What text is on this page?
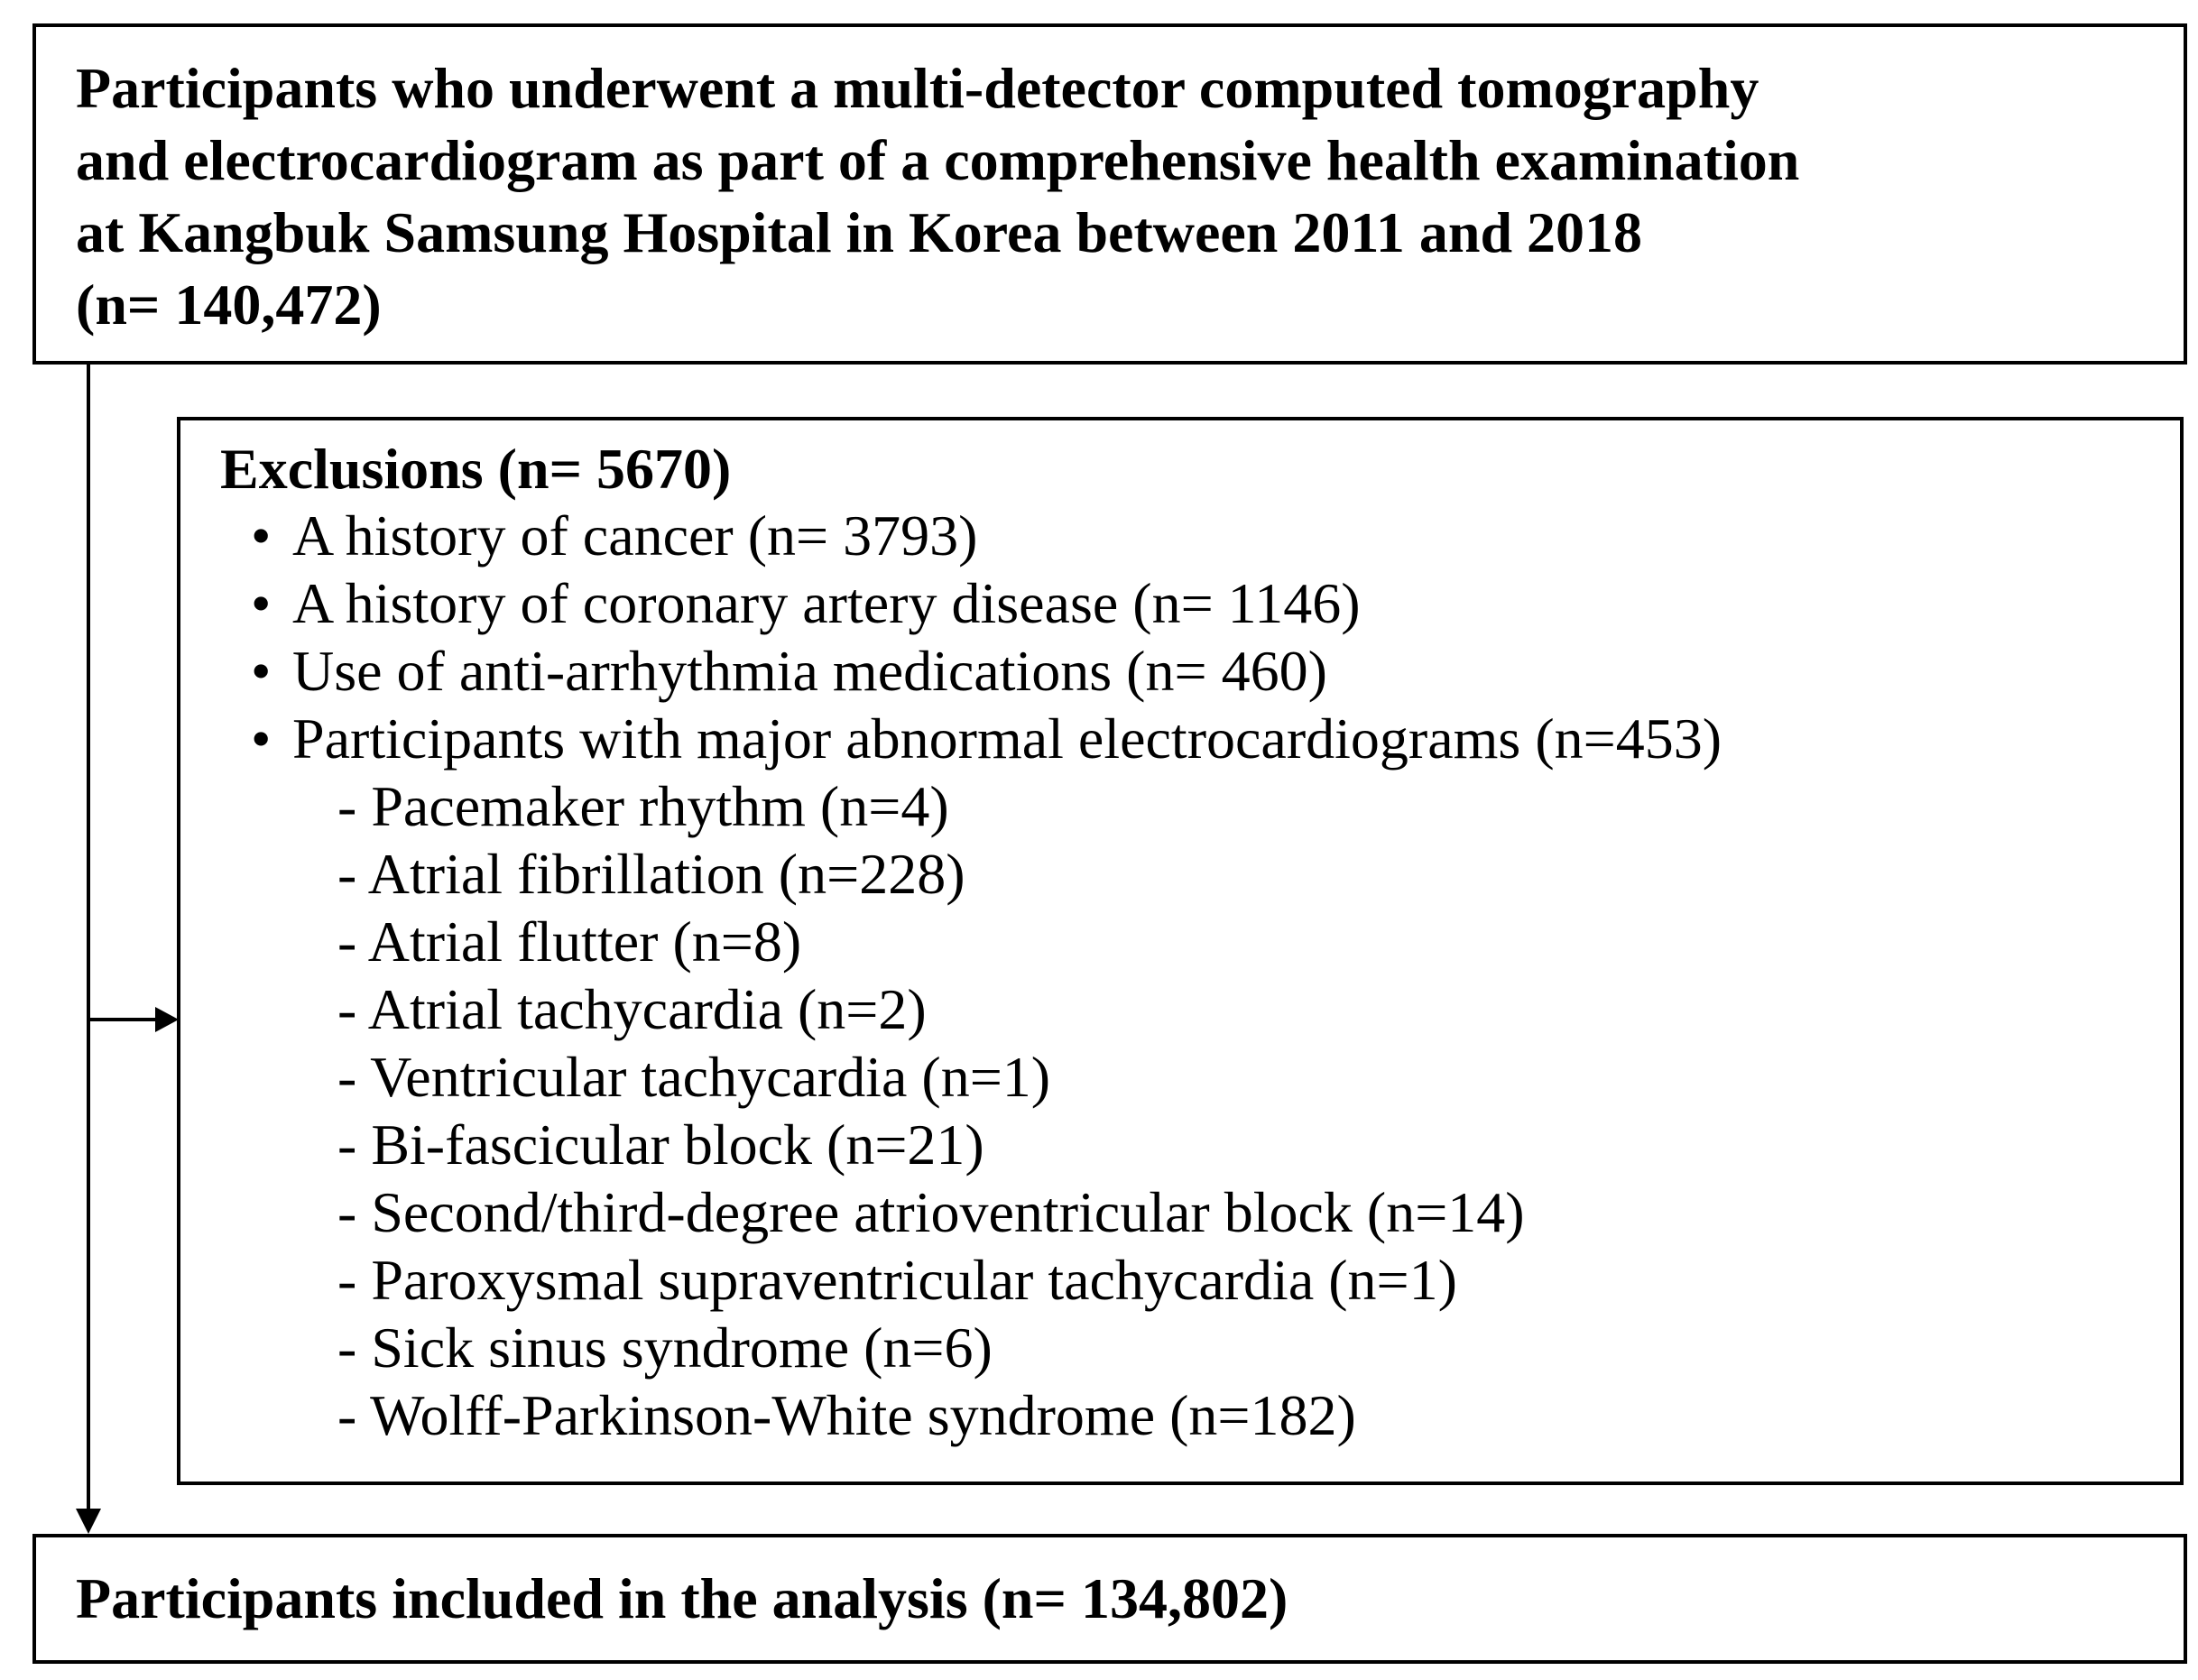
Participants who underwent a multi-detector computed tomography
and electrocardiogram as part of a comprehensive health examination
at Kangbuk Samsung Hospital in Korea between 2011 and 2018
(n= 140,472)
Exclusions (n= 5670)
• A history of cancer (n= 3793)
• A history of coronary artery disease (n= 1146)
• Use of anti-arrhythmia medications (n= 460)
• Participants with major abnormal electrocardiograms (n=453)
- Pacemaker rhythm (n=4)
- Atrial fibrillation (n=228)
- Atrial flutter (n=8)
- Atrial tachycardia (n=2)
- Ventricular tachycardia (n=1)
- Bi-fascicular block (n=21)
- Second/third-degree atrioventricular block (n=14)
- Paroxysmal supraventricular tachycardia (n=1)
- Sick sinus syndrome (n=6)
- Wolff-Parkinson-White syndrome (n=182)
Participants included in the analysis (n= 134,802)
